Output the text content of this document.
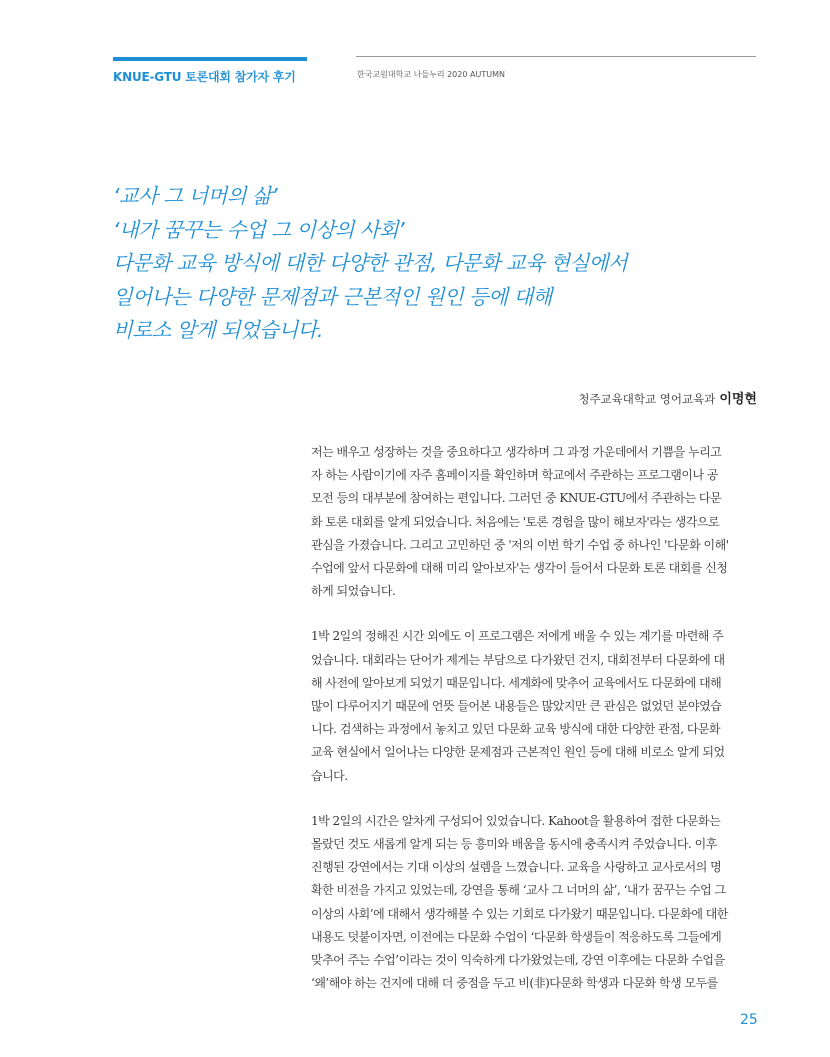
KNUE-GTU 토론대회 참가자 후기	한국교원대학교 나들누리 2020 AUTUMN
‘교사 그 너머의 삶’
‘내가 꿈꾸는 수업 그 이상의 사회’
다문화 교육 방식에 대한 다양한 관점, 다문화 교육 현실에서
일어나는 다양한 문제점과 근본적인 원인 등에 대해
비로소 알게 되었습니다.
청주교육대학교 영어교육과 이명현
저는 배우고 성장하는 것을 중요하다고 생각하며 그 과정 가운데에서 기쁨을 누리고
자 하는 사람이기에 자주 홈페이지를 확인하며 학교에서 주관하는 프로그램이나 공
모전 등의 대부분에 참여하는 편입니다. 그러던 중 KNUE-GTU에서 주관하는 다문
화 토론 대회를 알게 되었습니다. 처음에는 '토론 경험을 많이 해보자'라는 생각으로
관심을 가졌습니다. 그리고 고민하던 중 '저의 이번 학기 수업 중 하나인 '다문화 이해'
수업에 앞서 다문화에 대해 미리 알아보자'는 생각이 들어서 다문화 토론 대회를 신청
하게 되었습니다.
1박 2일의 정해진 시간 외에도 이 프로그램은 저에게 배울 수 있는 계기를 마련해 주
었습니다. 대회라는 단어가 제게는 부담으로 다가왔던 건지, 대회전부터 다문화에 대
해 사전에 알아보게 되었기 때문입니다. 세계화에 맞추어 교육에서도 다문화에 대해
많이 다루어지기 때문에 언뜻 들어본 내용들은 많았지만 큰 관심은 없었던 분야였습
니다. 검색하는 과정에서 놓치고 있던 다문화 교육 방식에 대한 다양한 관점, 다문화
교육 현실에서 일어나는 다양한 문제점과 근본적인 원인 등에 대해 비로소 알게 되었
습니다.
1박 2일의 시간은 알차게 구성되어 있었습니다. Kahoot을 활용하여 접한 다문화는
몰랐던 것도 새롭게 알게 되는 등 흥미와 배움을 동시에 충족시켜 주었습니다. 이후
진행된 강연에서는 기대 이상의 설렘을 느꼈습니다. 교육을 사랑하고 교사로서의 명
확한 비전을 가지고 있었는데, 강연을 통해 ‘교사 그 너머의 삶’, ‘내가 꿈꾸는 수업 그
이상의 사회’에 대해서 생각해볼 수 있는 기회로 다가왔기 때문입니다. 다문화에 대한
내용도 덧붙이자면, 이전에는 다문화 수업이 ‘다문화 학생들이 적응하도록 그들에게
맞추어 주는 수업’이라는 것이 익숙하게 다가왔었는데, 강연 이후에는 다문화 수업을
‘왜’해야 하는 건지에 대해 더 중점을 두고 비(非)다문화 학생과 다문화 학생 모두를
25
